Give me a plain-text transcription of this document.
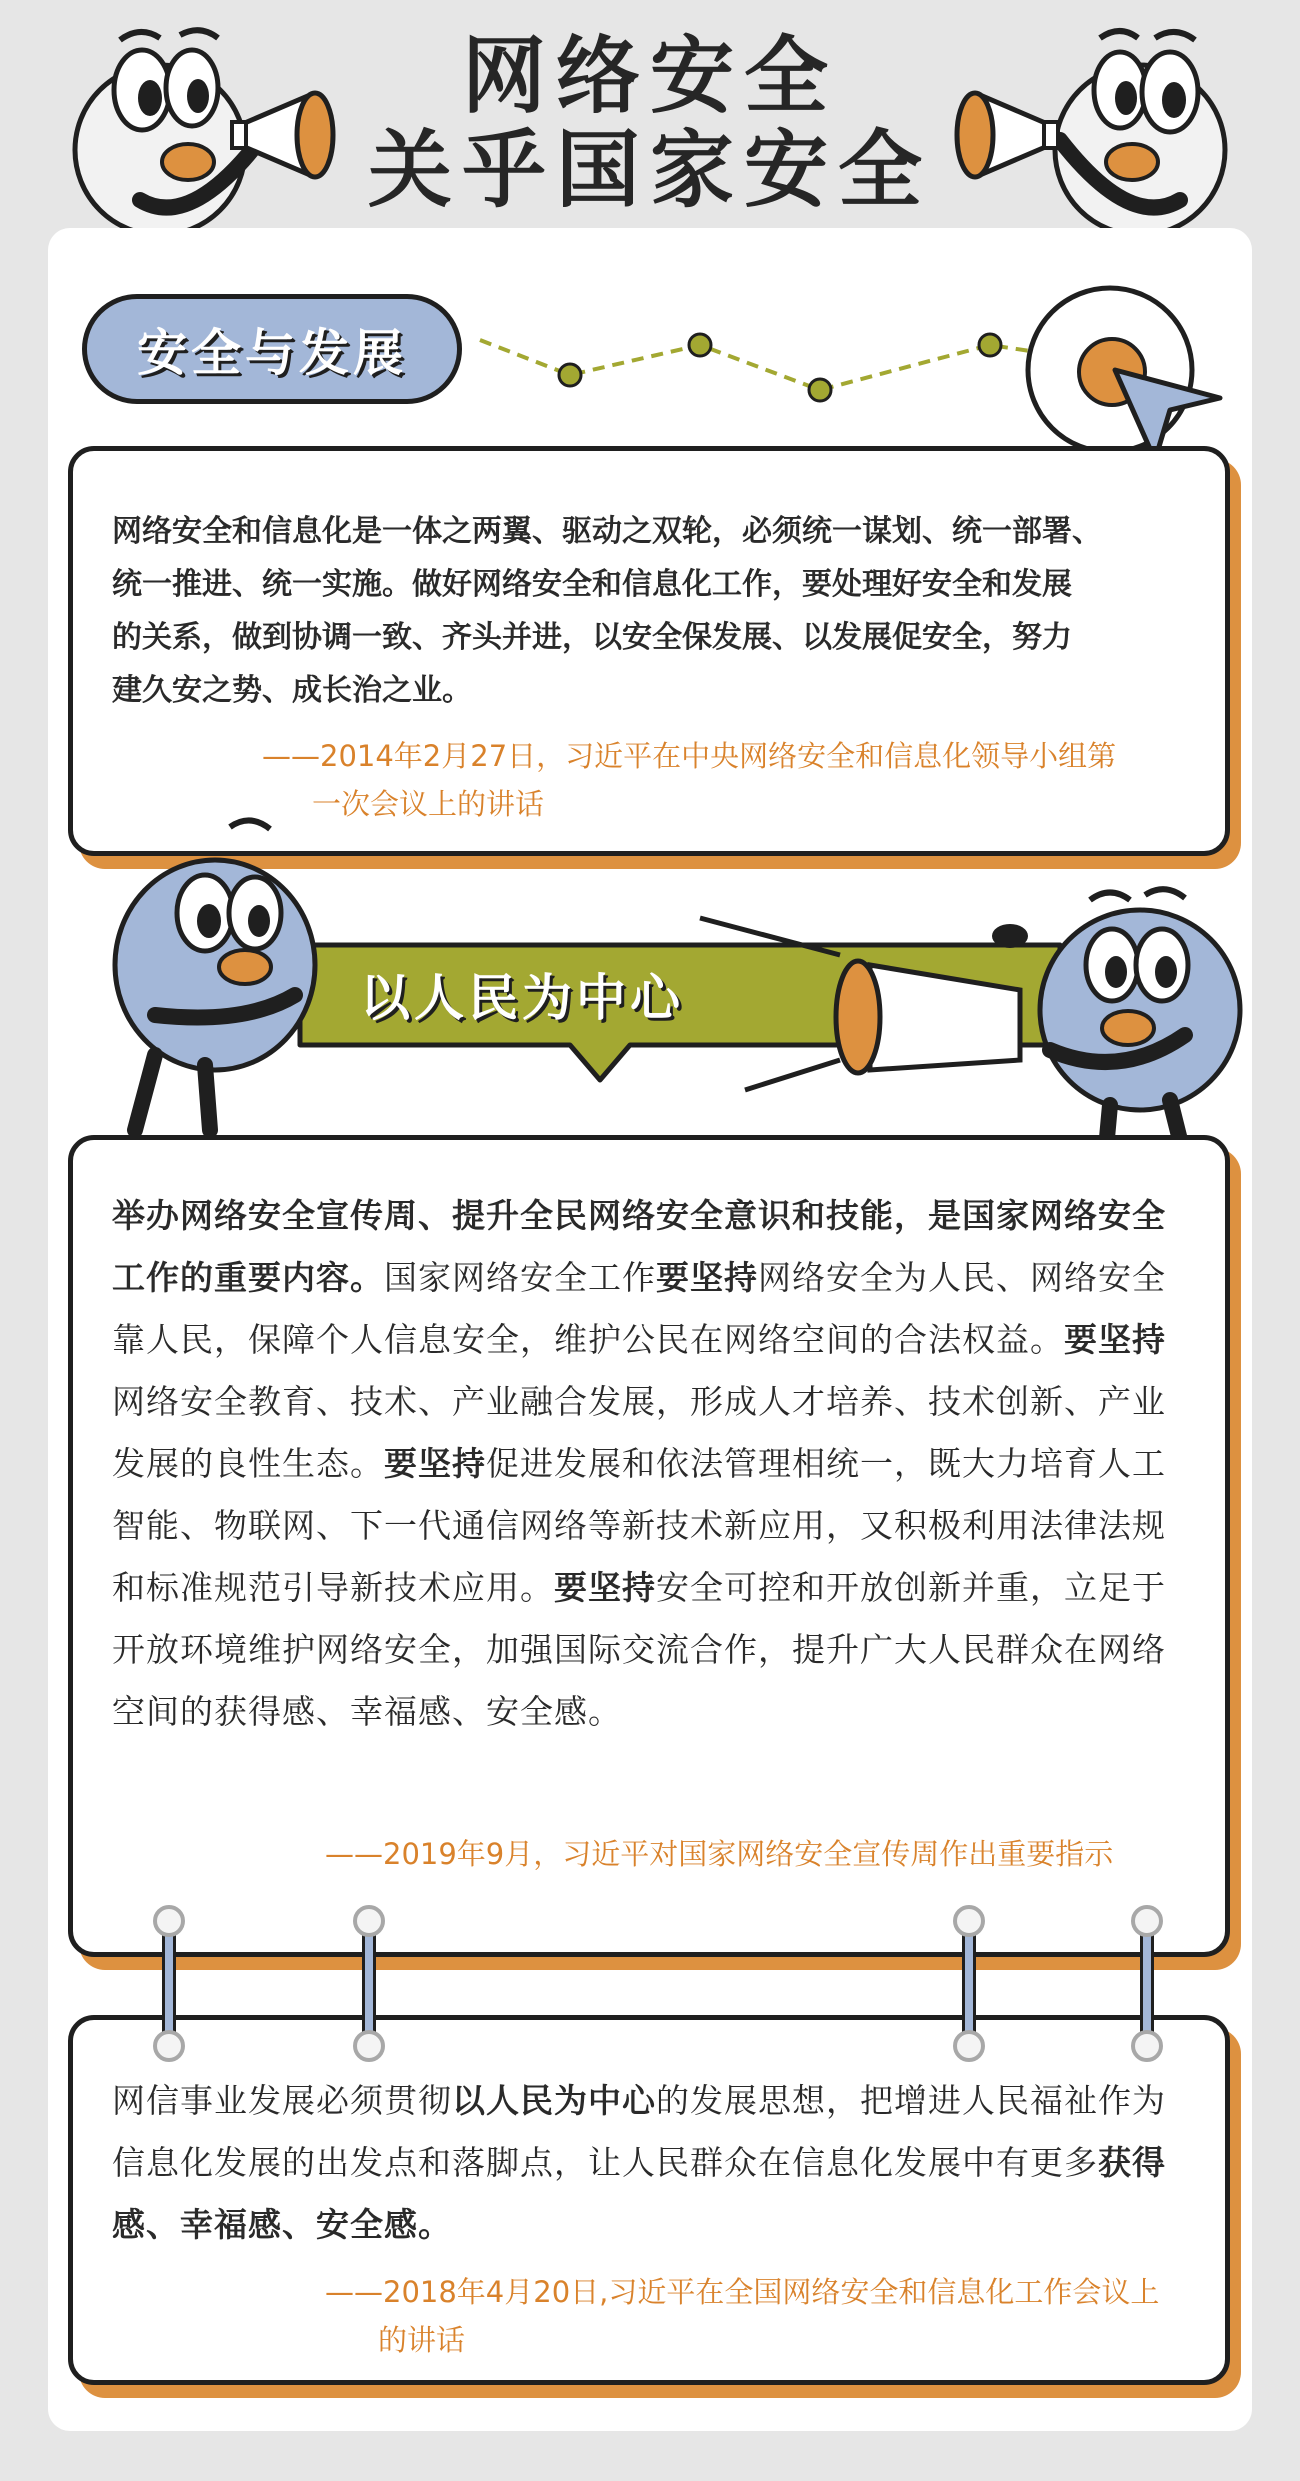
网络安全
关乎国家安全
安全与发展
网络安全和信息化是一体之两翼、驱动之双轮，必须统一谋划、统一部署、
统一推进、统一实施。做好网络安全和信息化工作，要处理好安全和发展
的关系，做到协调一致、齐头并进，以安全保发展、以发展促安全，努力
建久安之势、成长治之业。
——2014年2月27日，习近平在中央网络安全和信息化领导小组第
一次会议上的讲话
以人民为中心
举办网络安全宣传周、提升全民网络安全意识和技能，是国家网络安全工作的重要内容。国家网络安全工作要坚持网络安全为人民、网络安全靠人民，保障个人信息安全，维护公民在网络空间的合法权益。要坚持网络安全教育、技术、产业融合发展，形成人才培养、技术创新、产业发展的良性生态。要坚持促进发展和依法管理相统一，既大力培育人工智能、物联网、下一代通信网络等新技术新应用，又积极利用法律法规和标准规范引导新技术应用。要坚持安全可控和开放创新并重，立足于开放环境维护网络安全，加强国际交流合作，提升广大人民群众在网络空间的获得感、幸福感、安全感。
——2019年9月，习近平对国家网络安全宣传周作出重要指示
网信事业发展必须贯彻以人民为中心的发展思想，把增进人民福祉作为信息化发展的出发点和落脚点，让人民群众在信息化发展中有更多获得感、幸福感、安全感。
——2018年4月20日,习近平在全国网络安全和信息化工作会议上
的讲话
